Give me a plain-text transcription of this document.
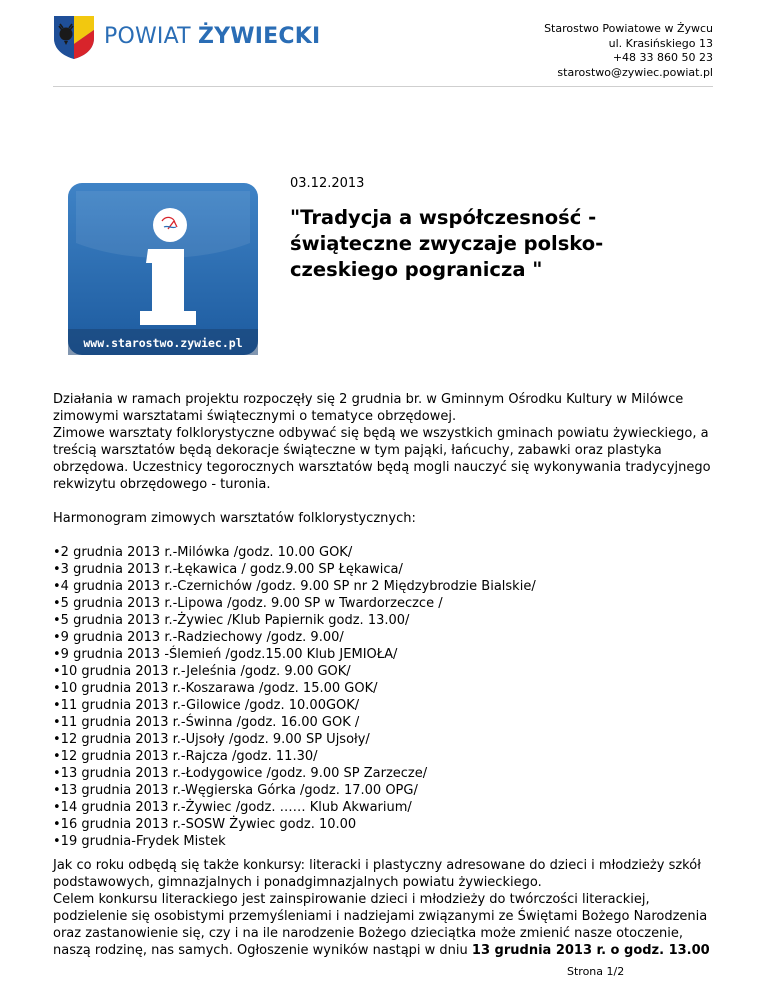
POWIAT ŻYWIECKI	Starostwo Powiatowe w Żywcu
ul. Krasińskiego 13
+48 33 860 50 23
starostwo@zywiec.powiat.pl
www.starostwo.zywiec.pl
03.12.2013
"Tradycja a współczesność - świąteczne zwyczaje polsko-czeskiego pogranicza "

Działania w ramach projektu rozpoczęły się 2 grudnia br. w Gminnym Ośrodku Kultury w Milówce zimowymi warsztatami świątecznymi o tematyce obrzędowej.

Zimowe warsztaty folklorystyczne odbywać się będą we wszystkich gminach powiatu żywieckiego, a treścią warsztatów będą dekoracje świąteczne w tym pająki, łańcuchy, zabawki oraz plastyka obrzędowa. Uczestnicy tegorocznych warsztatów będą mogli nauczyć się wykonywania tradycyjnego rekwizytu obrzędowego - turonia.

Harmonogram zimowych warsztatów folklorystycznych:

• 2 grudnia 2013 r.-Milówka /godz. 10.00 GOK/
• 3 grudnia 2013 r.-Łękawica / godz.9.00 SP Łękawica/
• 4 grudnia 2013 r.-Czernichów /godz. 9.00 SP nr 2 Międzybrodzie Bialskie/
• 5 grudnia 2013 r.-Lipowa /godz. 9.00 SP w Twardorzeczce /
• 5 grudnia 2013 r.-Żywiec /Klub Papiernik godz. 13.00/
• 9 grudnia 2013 r.-Radziechowy /godz. 9.00/
• 9 grudnia 2013 -Ślemień /godz.15.00 Klub JEMIOŁA/
• 10 grudnia 2013 r.-Jeleśnia /godz. 9.00 GOK/
• 10 grudnia 2013 r.-Koszarawa /godz. 15.00 GOK/
• 11 grudnia 2013 r.-Gilowice /godz. 10.00GOK/
• 11 grudnia 2013 r.-Świnna /godz. 16.00 GOK /
• 12 grudnia 2013 r.-Ujsoły /godz. 9.00 SP Ujsoły/
• 12 grudnia 2013 r.-Rajcza /godz. 11.30/
• 13 grudnia 2013 r.-Łodygowice /godz. 9.00 SP Zarzecze/
• 13 grudnia 2013 r.-Węgierska Górka /godz. 17.00 OPG/
• 14 grudnia 2013 r.-Żywiec /godz. …… Klub Akwarium/
• 16 grudnia 2013 r.-SOSW Żywiec godz. 10.00
• 19 grudnia-Frydek Mistek

Jak co roku odbędą się także konkursy: literacki i plastyczny adresowane do dzieci i młodzieży szkół podstawowych, gimnazjalnych i ponadgimnazjalnych powiatu żywieckiego.

Celem konkursu literackiego jest zainspirowanie dzieci i młodzieży do twórczości literackiej, podzielenie się osobistymi przemyśleniami i nadziejami związanymi ze Świętami Bożego Narodzenia oraz zastanowienie się, czy i na ile narodzenie Bożego dzieciątka może zmienić nasze otoczenie, naszą rodzinę, nas samych. Ogłoszenie wyników nastąpi w dniu 13 grudnia 2013 r. o godz. 13.00

Strona 1/2
